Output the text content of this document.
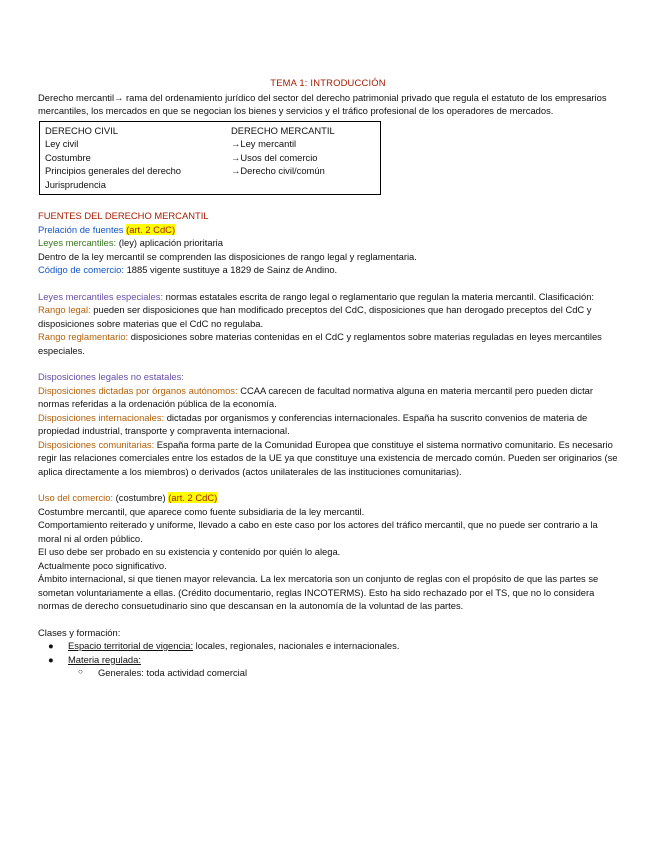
TEMA 1: INTRODUCCIÓN

Derecho mercantil→ rama del ordenamiento jurídico del sector del derecho patrimonial privado que regula el estatuto de los empresarios mercantiles, los mercados en que se negocian los bienes y servicios y el tráfico profesional de los operadores de mercados.

DERECHO CIVIL
Ley civil
Costumbre
Principios generales del derecho
Jurisprudencia
DERECHO MERCANTIL
→Ley mercantil
→Usos del comercio
→Derecho civil/común

FUENTES DEL DERECHO MERCANTIL

Prelación de fuentes (art. 2 CdC)

Leyes mercantiles: (ley) aplicación prioritaria

Dentro de la ley mercantil se comprenden las disposiciones de rango legal y reglamentaria.

Código de comercio: 1885 vigente sustituye a 1829 de Sainz de Andino.

Leyes mercantiles especiales: normas estatales escrita de rango legal o reglamentario que regulan la materia mercantil. Clasificación:

Rango legal: pueden ser disposiciones que han modificado preceptos del CdC, disposiciones que han derogado preceptos del CdC y disposiciones sobre materias que el CdC no regulaba.

Rango reglamentario: disposiciones sobre materias contenidas en el CdC y reglamentos sobre materias reguladas en leyes mercantiles especiales.

Disposiciones legales no estatales:

Disposiciones dictadas por órganos autónomos: CCAA carecen de facultad normativa alguna en materia mercantil pero pueden dictar normas referidas a la ordenación pública de la economía.

Disposiciones internacionales: dictadas por organismos y conferencias internacionales. España ha suscrito convenios de materia de propiedad industrial, transporte y compraventa internacional.

Disposiciones comunitarias: España forma parte de la Comunidad Europea que constituye el sistema normativo comunitario. Es necesario regir las relaciones comerciales entre los estados de la UE ya que constituye una existencia de mercado común. Pueden ser originarios (se aplica directamente a los miembros) o derivados (actos unilaterales de las instituciones comunitarias).

Uso del comercio: (costumbre) (art. 2 CdC)

Costumbre mercantil, que aparece como fuente subsidiaria de la ley mercantil.

Comportamiento reiterado y uniforme, llevado a cabo en este caso por los actores del tráfico mercantil, que no puede ser contrario a la moral ni al orden público.

El uso debe ser probado en su existencia y contenido por quién lo alega.

Actualmente poco significativo.

Ámbito internacional, si que tienen mayor relevancia. La lex mercatoria son un conjunto de reglas con el propósito de que las partes se sometan voluntariamente a ellas. (Crédito documentario, reglas INCOTERMS). Esto ha sido rechazado por el TS, que no lo considera normas de derecho consuetudinario sino que descansan en la autonomía de la voluntad de las partes.

Clases y formación:

● Espacio territorial de vigencia: locales, regionales, nacionales e internacionales.
● Materia regulada:
○ Generales: toda actividad comercial
